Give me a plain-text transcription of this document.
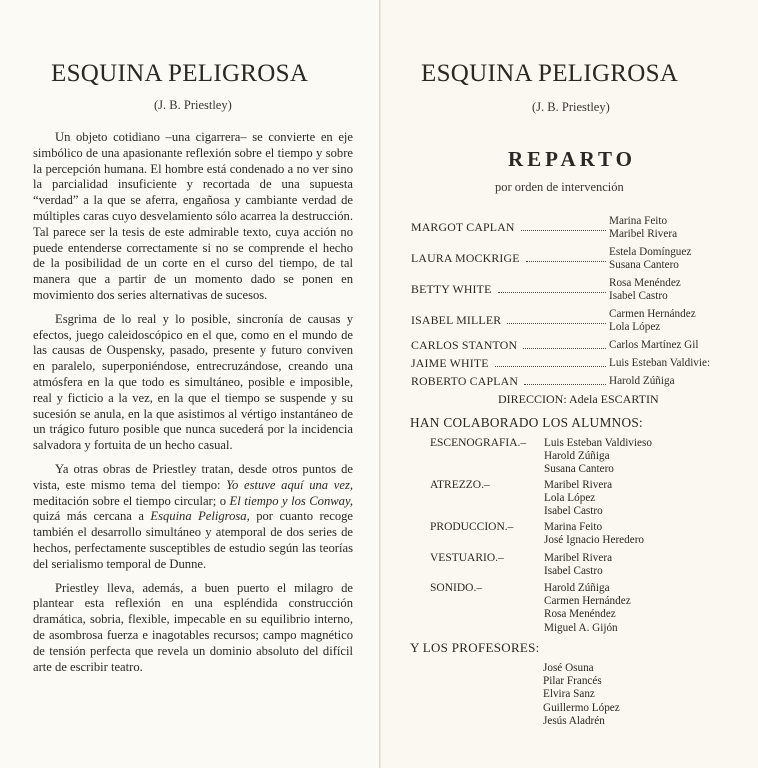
ESQUINA PELIGROSA
(J. B. Priestley)

Un objeto cotidiano –una cigarrera– se convierte en eje simbólico de una apasionante reflexión sobre el tiempo y sobre la percepción humana. El hombre está condenado a no ver sino la parcialidad insuficiente y recortada de una supuesta “verdad” a la que se aferra, engañosa y cambiante verdad de múltiples caras cuyo desvelamiento sólo acarrea la destrucción. Tal parece ser la tesis de este admirable texto, cuya acción no puede entenderse correctamente si no se comprende el hecho de la posibilidad de un corte en el curso del tiempo, de tal manera que a partir de un momento dado se ponen en movimiento dos series alternativas de sucesos.

Esgrima de lo real y lo posible, sincronía de causas y efectos, juego caleidoscópico en el que, como en el mundo de las causas de Ouspensky, pasado, presente y futuro conviven en paralelo, superponiéndose, entrecruzándose, creando una atmósfera en la que todo es simultáneo, posible e imposible, real y ficticio a la vez, en la que el tiempo se suspende y su sucesión se anula, en la que asistimos al vértigo instantáneo de un trágico futuro posible que nunca sucederá por la incidencia salvadora y fortuita de un hecho casual.

Ya otras obras de Priestley tratan, desde otros puntos de vista, este mismo tema del tiempo: Yo estuve aquí una vez, meditación sobre el tiempo circular; o El tiempo y los Conway, quizá más cercana a Esquina Peligrosa, por cuanto recoge también el desarrollo simultáneo y atemporal de dos series de hechos, perfectamente susceptibles de estudio según las teorías del serialismo temporal de Dunne.

Priestley lleva, además, a buen puerto el milagro de plantear esta reflexión en una espléndida construcción dramática, sobria, flexible, impecable en su equilibrio interno, de asombrosa fuerza e inagotables recursos; campo magnético de tensión perfecta que revela un dominio absoluto del difícil arte de escribir teatro.

ESQUINA PELIGROSA
(J. B. Priestley)
REPARTO
por orden de intervención
MARGOT CAPLAN	Marina Feito
Maribel Rivera
LAURA MOCKRIGE	Estela Domínguez
Susana Cantero
BETTY WHITE	Rosa Menéndez
Isabel Castro
ISABEL MILLER	Carmen Hernández
Lola López
CARLOS STANTON	Carlos Martínez Gil
JAIME WHITE	Luis Esteban Valdivie:
ROBERTO CAPLAN	Harold Zúñiga
DIRECCION: Adela ESCARTIN
HAN COLABORADO LOS ALUMNOS:
ESCENOGRAFIA.–	Luis Esteban Valdivieso
Harold Zúñiga
Susana Cantero
ATREZZO.–	Maribel Rivera
Lola López
Isabel Castro
PRODUCCION.–	Marina Feito
José Ignacio Heredero
VESTUARIO.–	Maribel Rivera
Isabel Castro
SONIDO.–	Harold Zúñiga
Carmen Hernández
Rosa Menéndez
Miguel A. Gijón
Y LOS PROFESORES:
José Osuna
Pilar Francés
Elvira Sanz
Guillermo López
Jesús Aladrén
